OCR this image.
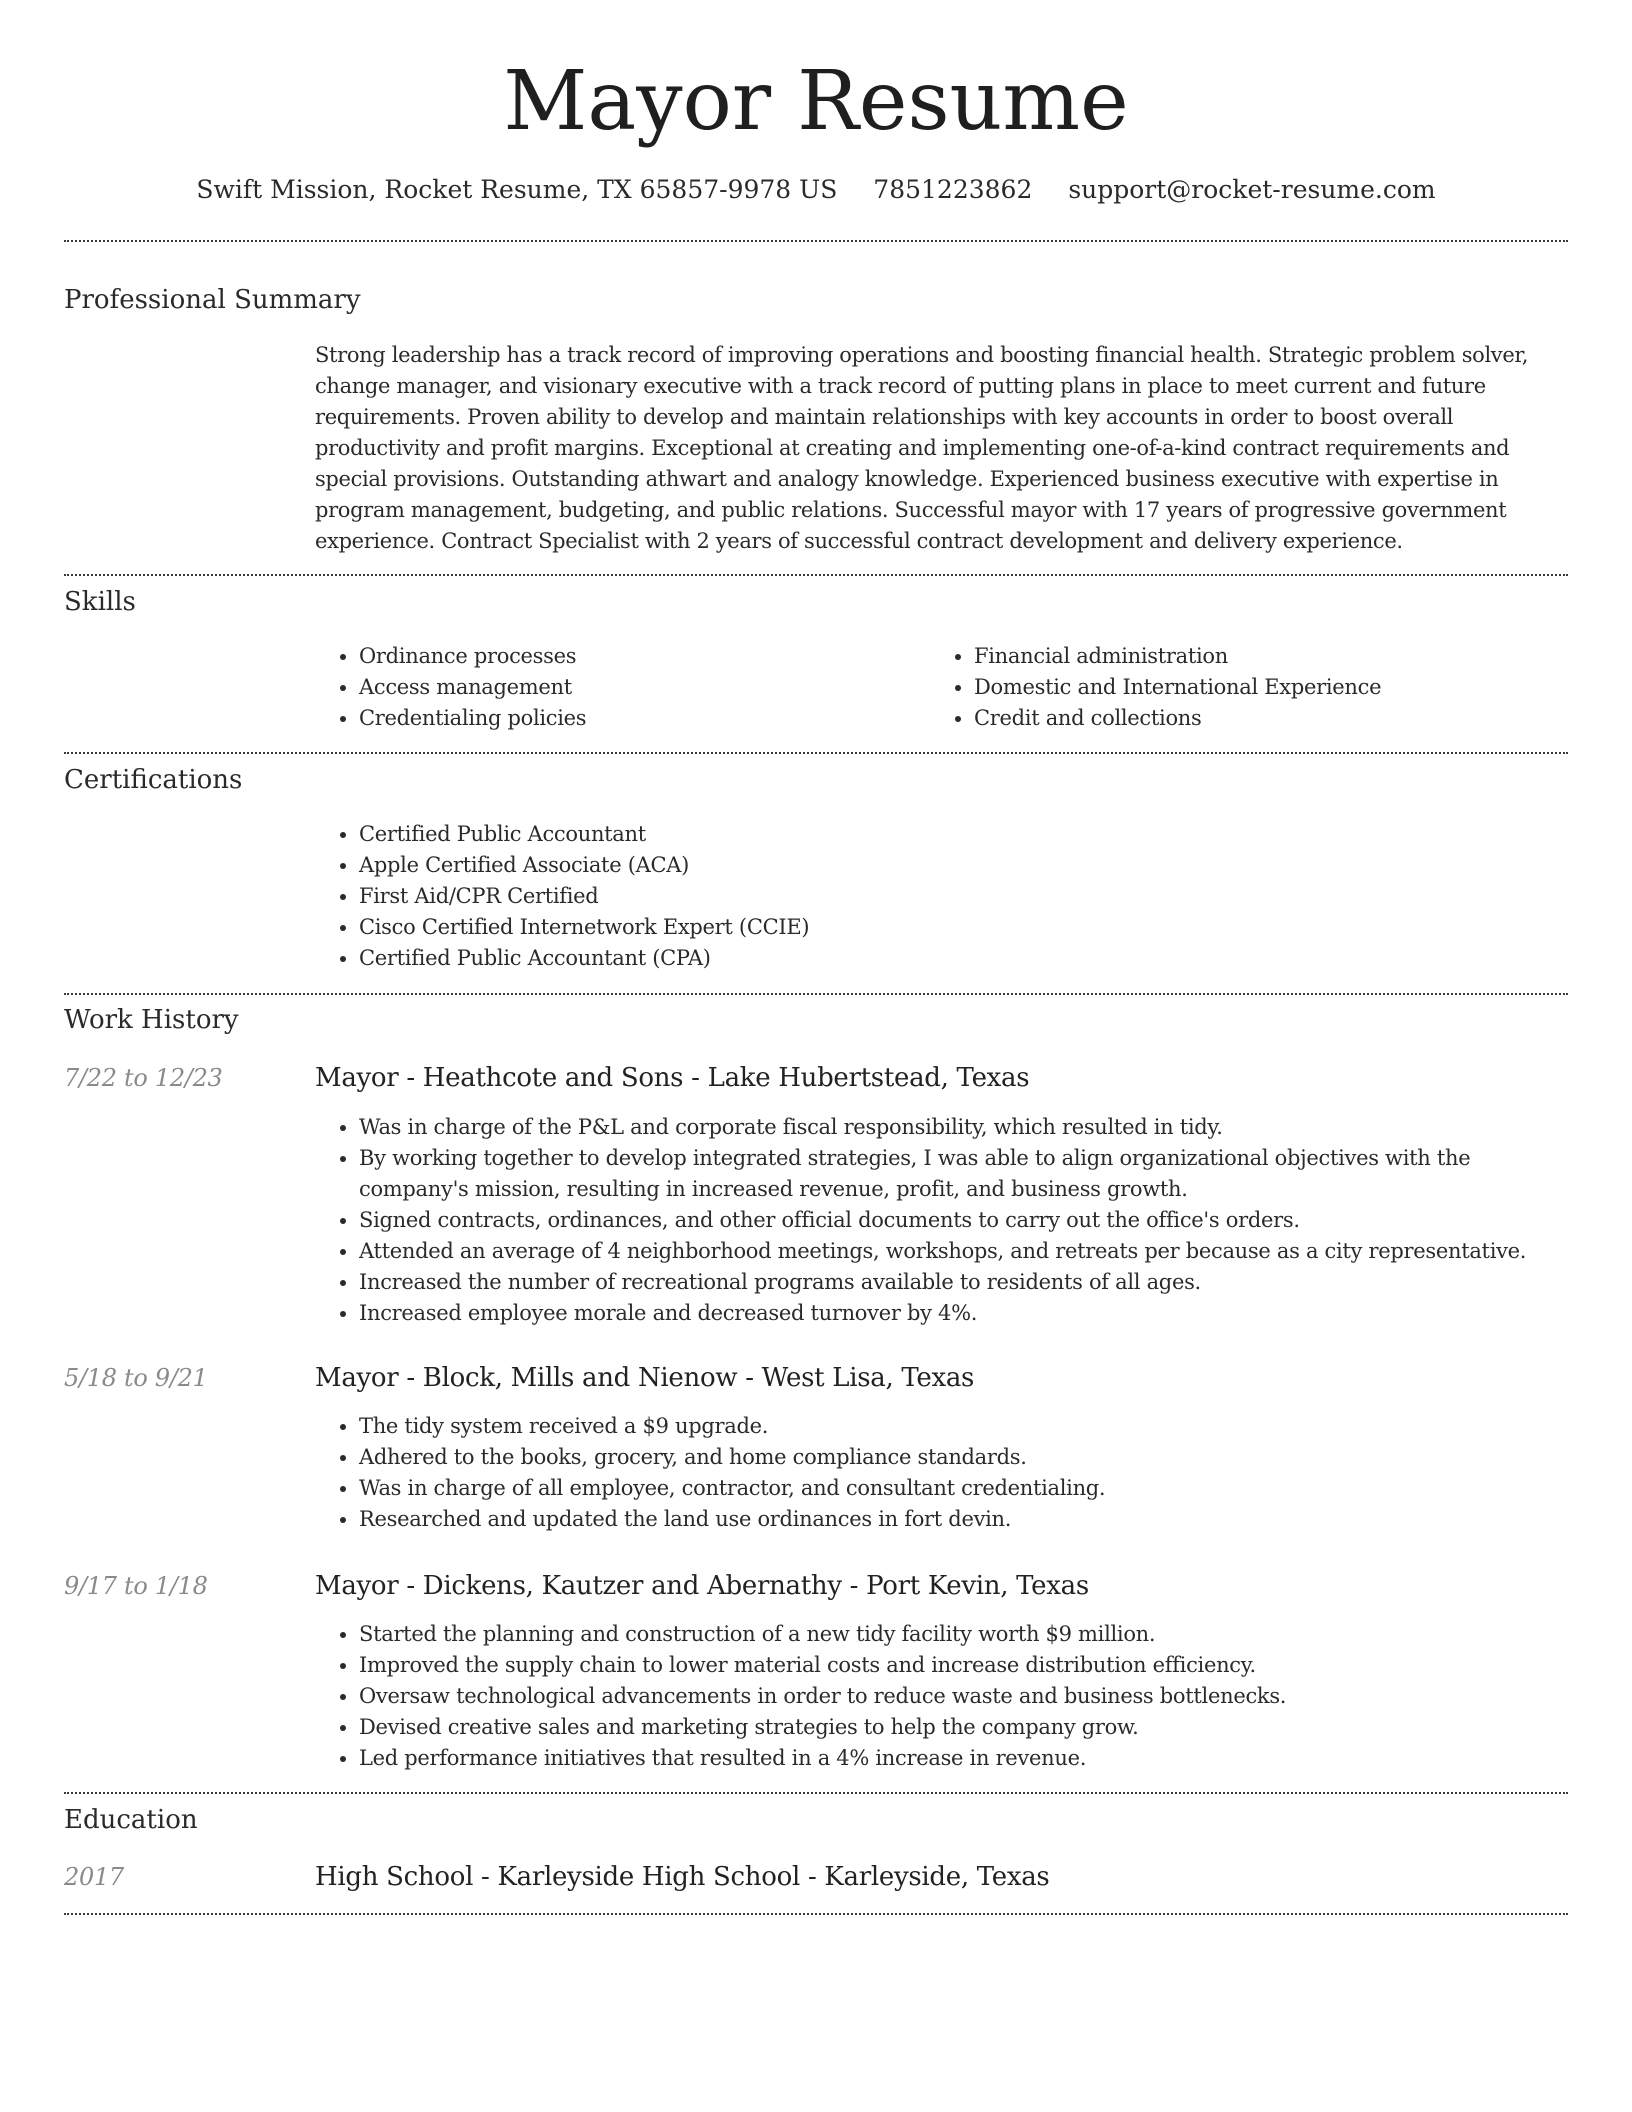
Mayor Resume
Swift Mission, Rocket Resume, TX 65857-9978 US 7851223862 support@rocket-resume.com
Professional Summary

Strong leadership has a track record of improving operations and boosting financial health. Strategic problem solver, change manager, and visionary executive with a track record of putting plans in place to meet current and future requirements. Proven ability to develop and maintain relationships with key accounts in order to boost overall productivity and profit margins. Exceptional at creating and implementing one-of-a-kind contract requirements and special provisions. Outstanding athwart and analogy knowledge. Experienced business executive with expertise in program management, budgeting, and public relations. Successful mayor with 17 years of progressive government experience. Contract Specialist with 2 years of successful contract development and delivery experience.

Skills
• Ordinance processes
• Access management
• Credentialing policies
• Financial administration
• Domestic and International Experience
• Credit and collections
Certifications
• Certified Public Accountant
• Apple Certified Associate (ACA)
• First Aid/CPR Certified
• Cisco Certified Internetwork Expert (CCIE)
• Certified Public Accountant (CPA)
Work History
7/22 to 12/23	Mayor - Heathcote and Sons - Lake Hubertstead, Texas
• Was in charge of the P&L and corporate fiscal responsibility, which resulted in tidy.
• By working together to develop integrated strategies, I was able to align organizational objectives with the company's mission, resulting in increased revenue, profit, and business growth.
• Signed contracts, ordinances, and other official documents to carry out the office's orders.
• Attended an average of 4 neighborhood meetings, workshops, and retreats per because as a city representative.
• Increased the number of recreational programs available to residents of all ages.
• Increased employee morale and decreased turnover by 4%.
5/18 to 9/21	Mayor - Block, Mills and Nienow - West Lisa, Texas
• The tidy system received a $9 upgrade.
• Adhered to the books, grocery, and home compliance standards.
• Was in charge of all employee, contractor, and consultant credentialing.
• Researched and updated the land use ordinances in fort devin.
9/17 to 1/18	Mayor - Dickens, Kautzer and Abernathy - Port Kevin, Texas
• Started the planning and construction of a new tidy facility worth $9 million.
• Improved the supply chain to lower material costs and increase distribution efficiency.
• Oversaw technological advancements in order to reduce waste and business bottlenecks.
• Devised creative sales and marketing strategies to help the company grow.
• Led performance initiatives that resulted in a 4% increase in revenue.
Education
2017	High School - Karleyside High School - Karleyside, Texas
